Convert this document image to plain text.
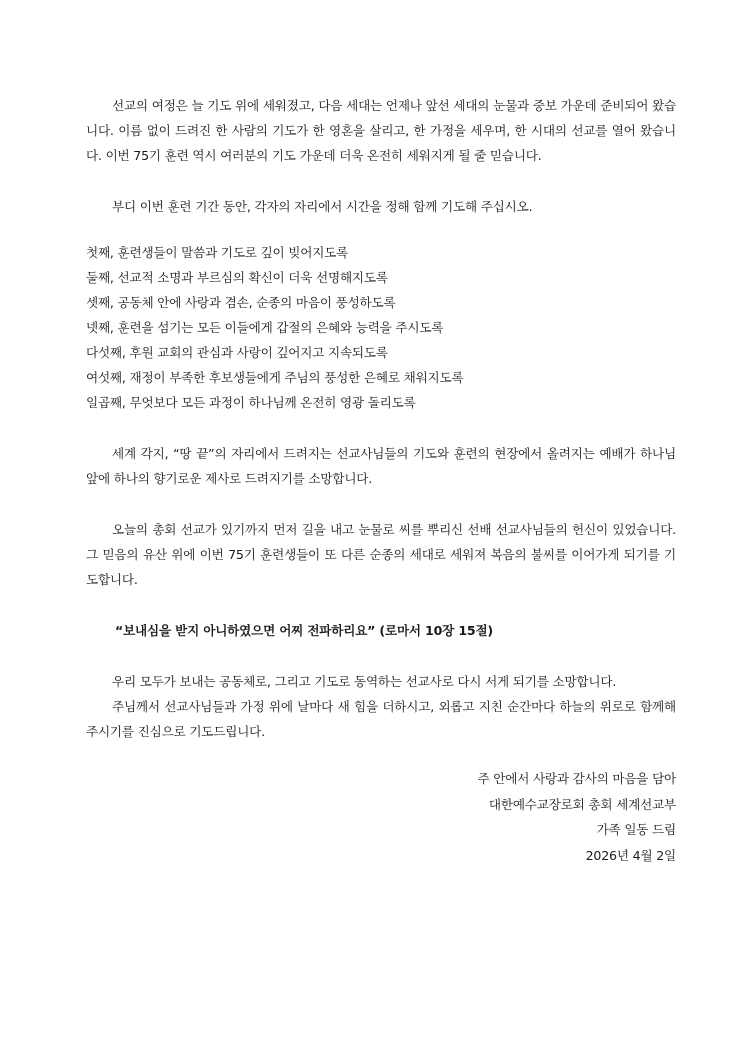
선교의 여정은 늘 기도 위에 세워졌고, 다음 세대는 언제나 앞선 세대의 눈물과 중보 가운데 준비되어 왔습니다. 이름 없이 드려진 한 사람의 기도가 한 영혼을 살리고, 한 가정을 세우며, 한 시대의 선교를 열어 왔습니다. 이번 75기 훈련 역시 여러분의 기도 가운데 더욱 온전히 세워지게 될 줄 믿습니다.

부디 이번 훈련 기간 동안, 각자의 자리에서 시간을 정해 함께 기도해 주십시오.

첫째, 훈련생들이 말씀과 기도로 깊이 빚어지도록
둘째, 선교적 소명과 부르심의 확신이 더욱 선명해지도록
셋째, 공동체 안에 사랑과 겸손, 순종의 마음이 풍성하도록
넷째, 훈련을 섬기는 모든 이들에게 갑절의 은혜와 능력을 주시도록
다섯째, 후원 교회의 관심과 사랑이 깊어지고 지속되도록
여섯째, 재정이 부족한 후보생들에게 주님의 풍성한 은혜로 채워지도록
일곱째, 무엇보다 모든 과정이 하나님께 온전히 영광 돌리도록

세계 각지, “땅 끝”의 자리에서 드려지는 선교사님들의 기도와 훈련의 현장에서 올려지는 예배가 하나님 앞에 하나의 향기로운 제사로 드려지기를 소망합니다.

오늘의 총회 선교가 있기까지 먼저 길을 내고 눈물로 씨를 뿌리신 선배 선교사님들의 헌신이 있었습니다. 그 믿음의 유산 위에 이번 75기 훈련생들이 또 다른 순종의 세대로 세워져 복음의 불씨를 이어가게 되기를 기도합니다.

“보내심을 받지 아니하였으면 어찌 전파하리요” (로마서 10장 15절)

우리 모두가 보내는 공동체로, 그리고 기도로 동역하는 선교사로 다시 서게 되기를 소망합니다.

주님께서 선교사님들과 가정 위에 날마다 새 힘을 더하시고, 외롭고 지친 순간마다 하늘의 위로로 함께해 주시기를 진심으로 기도드립니다.

주 안에서 사랑과 감사의 마음을 담아
대한예수교장로회 총회 세계선교부
가족 일동 드림
2026년 4월 2일
